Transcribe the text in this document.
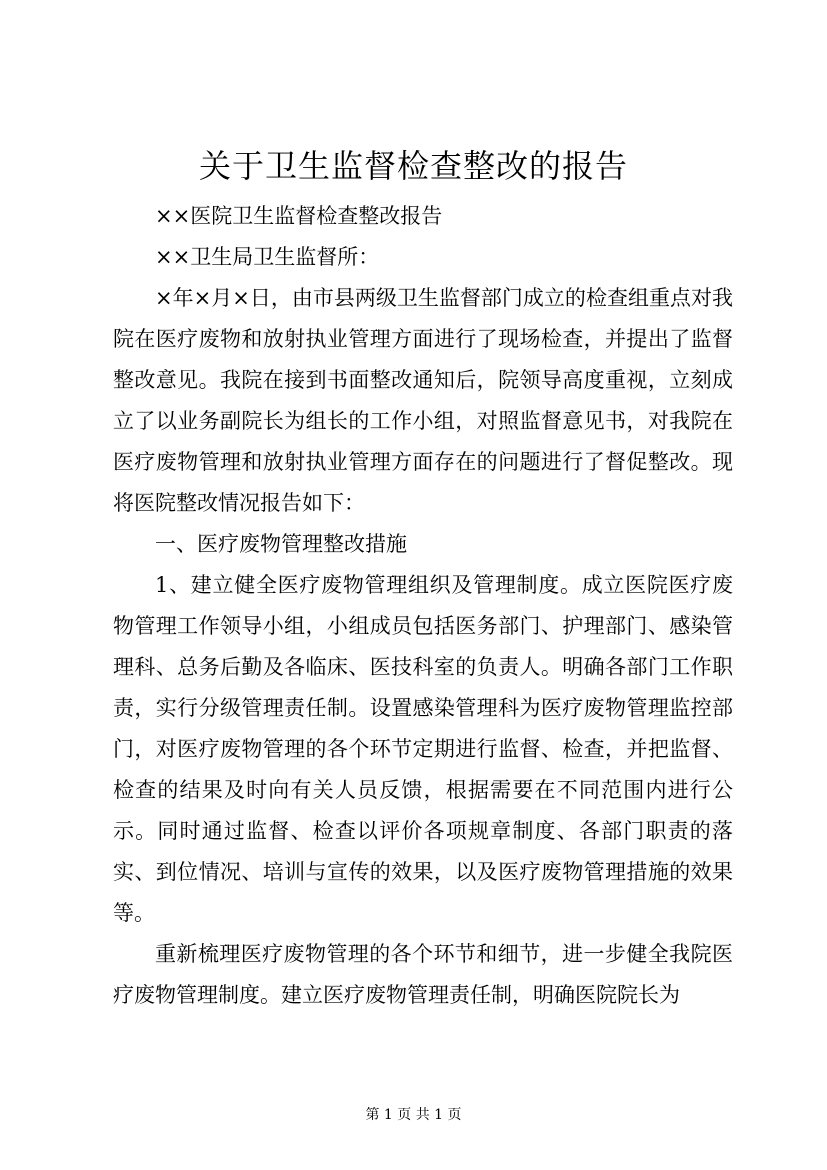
关于卫生监督检查整改的报告

××医院卫生监督检查整改报告

××卫生局卫生监督所：

×年×月×日，由市县两级卫生监督部门成立的检查组重点对我院在医疗废物和放射执业管理方面进行了现场检查，并提出了监督整改意见。我院在接到书面整改通知后，院领导高度重视，立刻成立了以业务副院长为组长的工作小组，对照监督意见书，对我院在医疗废物管理和放射执业管理方面存在的问题进行了督促整改。现将医院整改情况报告如下：

一、医疗废物管理整改措施

1、建立健全医疗废物管理组织及管理制度。成立医院医疗废物管理工作领导小组，小组成员包括医务部门、护理部门、感染管理科、总务后勤及各临床、医技科室的负责人。明确各部门工作职责，实行分级管理责任制。设置感染管理科为医疗废物管理监控部门，对医疗废物管理的各个环节定期进行监督、检查，并把监督、检查的结果及时向有关人员反馈，根据需要在不同范围内进行公示。同时通过监督、检查以评价各项规章制度、各部门职责的落实、到位情况、培训与宣传的效果，以及医疗废物管理措施的效果等。

重新梳理医疗废物管理的各个环节和细节，进一步健全我院医疗废物管理制度。建立医疗废物管理责任制，明确医院院长为

第 1 页 共 1 页
